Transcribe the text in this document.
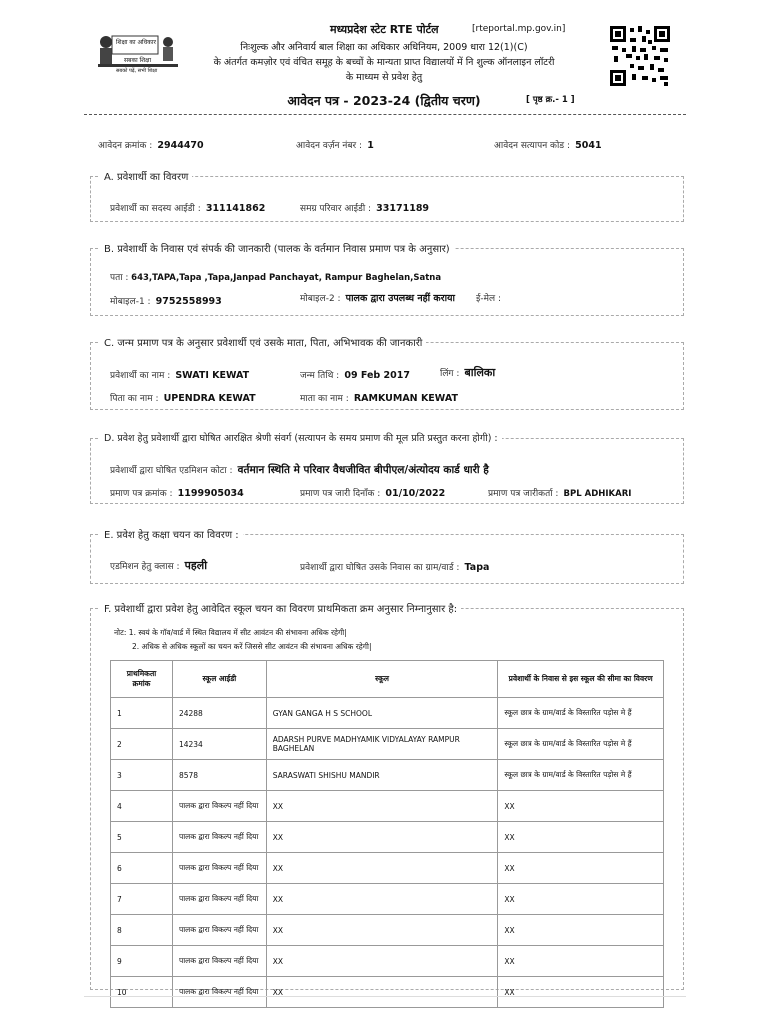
शिक्षा का अधिकार
सबका शिक्षा
सबको पढ़ें, सभी शिक्षा
मध्यप्रदेश स्टेट RTE पोर्टल	[rteportal.mp.gov.in]
निःशुल्क और अनिवार्य बाल शिक्षा का अधिकार अधिनियम, 2009 धारा 12(1)(C)
के अंतर्गत कमज़ोर एवं वंचित समूह के बच्चों के मान्यता प्राप्त विद्यालयों में नि शुल्क ऑनलाइन लॉटरी
के माध्यम से प्रवेश हेतु
आवेदन पत्र - 2023-24 (द्वितीय चरण)	[ पृष्ठ क्र.- 1 ]
आवेदन क्रमांक : 2944470	आवेदन वर्ज़न नंबर : 1	आवेदन सत्यापन कोड : 5041
A. प्रवेशार्थी का विवरण
प्रवेशार्थी का सदस्य आईडी : 311141862	समग्र परिवार आईडी : 33171189
B. प्रवेशार्थी के निवास एवं संपर्क की जानकारी (पालक के वर्तमान निवास प्रमाण पत्र के अनुसार)
पता : 643,TAPA,Tapa ,Tapa,Janpad Panchayat, Rampur Baghelan,Satna
मोबाइल-1 : 9752558993	मोबाइल-2 : पालक द्वारा उपलब्ध नहीं कराया ई-मेल :
C. जन्म प्रमाण पत्र के अनुसार प्रवेशार्थी एवं उसके माता, पिता, अभिभावक की जानकारी
प्रवेशार्थी का नाम : SWATI KEWAT	जन्म तिथि : 09 Feb 2017	लिंग : बालिका
पिता का नाम : UPENDRA KEWAT	माता का नाम : RAMKUMAN KEWAT
D. प्रवेश हेतु प्रवेशार्थी द्वारा घोषित आरक्षित श्रेणी संवर्ग (सत्यापन के समय प्रमाण की मूल प्रति प्रस्तुत करना होगी) :
प्रवेशार्थी द्वारा घोषित एडमिशन कोटा : वर्तमान स्थिति मे परिवार वैधजीवित बीपीएल/अंत्योदय कार्ड धारी है
प्रमाण पत्र क्रमांक : 1199905034	प्रमाण पत्र जारी दिनाँक : 01/10/2022	प्रमाण पत्र जारीकर्ता : BPL ADHIKARI
E. प्रवेश हेतु कक्षा चयन का विवरण :
एडमिशन हेतु क्लास : पहली	प्रवेशार्थी द्वारा घोषित उसके निवास का ग्राम/वार्ड : Tapa
F. प्रवेशार्थी द्वारा प्रवेश हेतु आवेदित स्कूल चयन का विवरण प्राथमिकता क्रम अनुसार निम्नानुसार है:
नोट: 1. स्वयं के गॉव/वार्ड में स्थित विद्यालय में सीट आवंटन की संभावना अधिक रहेगी|
2. अधिक से अधिक स्कूलों का चयन करें जिससे सीट आवंटन की संभावना अधिक रहेगी|
प्राथमिकता क्रमांक	स्कूल आईडी	स्कूल	प्रवेशार्थी के निवास से इस स्कूल की सीमा का विवरण
1	24288	GYAN GANGA H S SCHOOL	स्कूल छात्र के ग्राम/वार्ड के विस्तारित पड़ोस मे हैं
2	14234	ADARSH PURVE MADHYAMIK VIDYALAYAY RAMPUR BAGHELAN	स्कूल छात्र के ग्राम/वार्ड के विस्तारित पड़ोस मे हैं
3	8578	SARASWATI SHISHU MANDIR	स्कूल छात्र के ग्राम/वार्ड के विस्तारित पड़ोस मे हैं
4	पालक द्वारा विकल्प नहीं दिया	XX	XX
5	पालक द्वारा विकल्प नहीं दिया	XX	XX
6	पालक द्वारा विकल्प नहीं दिया	XX	XX
7	पालक द्वारा विकल्प नहीं दिया	XX	XX
8	पालक द्वारा विकल्प नहीं दिया	XX	XX
9	पालक द्वारा विकल्प नहीं दिया	XX	XX
10	पालक द्वारा विकल्प नहीं दिया	XX	XX
